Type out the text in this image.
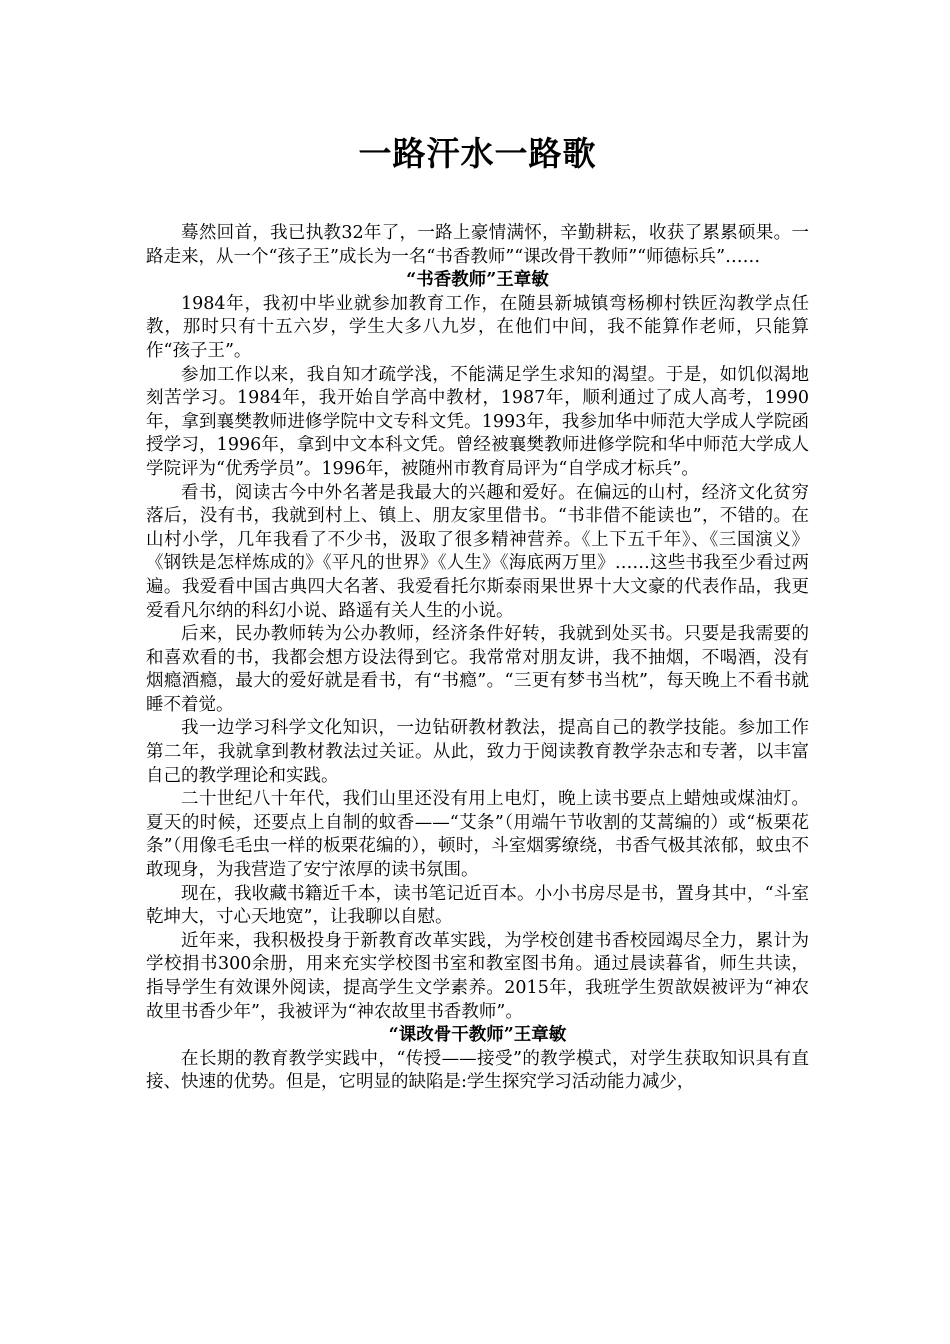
一路汗水一路歌

蓦然回首，我已执教32年了，一路上豪情满怀，辛勤耕耘，收获了累累硕果。一路走来，从一个“孩子王”成长为一名“书香教师”“课改骨干教师”“师德标兵”……

“书香教师”王章敏

1984年，我初中毕业就参加教育工作，在随县新城镇弯杨柳村铁匠沟教学点任教，那时只有十五六岁，学生大多八九岁，在他们中间，我不能算作老师，只能算作“孩子王”。

参加工作以来，我自知才疏学浅，不能满足学生求知的渴望。于是，如饥似渴地刻苦学习。1984年，我开始自学高中教材，1987年，顺利通过了成人高考，1990年，拿到襄樊教师进修学院中文专科文凭。1993年，我参加华中师范大学成人学院函授学习，1996年，拿到中文本科文凭。曾经被襄樊教师进修学院和华中师范大学成人学院评为“优秀学员”。1996年，被随州市教育局评为“自学成才标兵”。

看书，阅读古今中外名著是我最大的兴趣和爱好。在偏远的山村，经济文化贫穷落后，没有书，我就到村上、镇上、朋友家里借书。“书非借不能读也”，不错的。在山村小学，几年我看了不少书，汲取了很多精神营养。《上下五千年》、《三国演义》《钢铁是怎样炼成的》《平凡的世界》《人生》《海底两万里》……这些书我至少看过两遍。我爱看中国古典四大名著、我爱看托尔斯泰雨果世界十大文豪的代表作品，我更爱看凡尔纳的科幻小说、路遥有关人生的小说。

后来，民办教师转为公办教师，经济条件好转，我就到处买书。只要是我需要的和喜欢看的书，我都会想方设法得到它。我常常对朋友讲，我不抽烟，不喝酒，没有烟瘾酒瘾，最大的爱好就是看书，有“书瘾”。“三更有梦书当枕”，每天晚上不看书就睡不着觉。

我一边学习科学文化知识，一边钻研教材教法，提高自己的教学技能。参加工作第二年，我就拿到教材教法过关证。从此，致力于阅读教育教学杂志和专著，以丰富自己的教学理论和实践。

二十世纪八十年代，我们山里还没有用上电灯，晚上读书要点上蜡烛或煤油灯。夏天的时候，还要点上自制的蚊香——“艾条”（用端午节收割的艾蒿编的）或“板栗花条”（用像毛毛虫一样的板栗花编的），顿时，斗室烟雾缭绕，书香气极其浓郁，蚊虫不敢现身，为我营造了安宁浓厚的读书氛围。

现在，我收藏书籍近千本，读书笔记近百本。小小书房尽是书，置身其中，“斗室乾坤大，寸心天地宽”，让我聊以自慰。

近年来，我积极投身于新教育改革实践，为学校创建书香校园竭尽全力，累计为学校捐书300余册，用来充实学校图书室和教室图书角。通过晨读暮省，师生共读，指导学生有效课外阅读，提高学生文学素养。2015年，我班学生贺歆娱被评为“神农故里书香少年”，我被评为“神农故里书香教师”。

“课改骨干教师”王章敏

在长期的教育教学实践中，“传授——接受”的教学模式，对学生获取知识具有直接、快速的优势。但是，它明显的缺陷是:学生探究学习活动能力减少，
